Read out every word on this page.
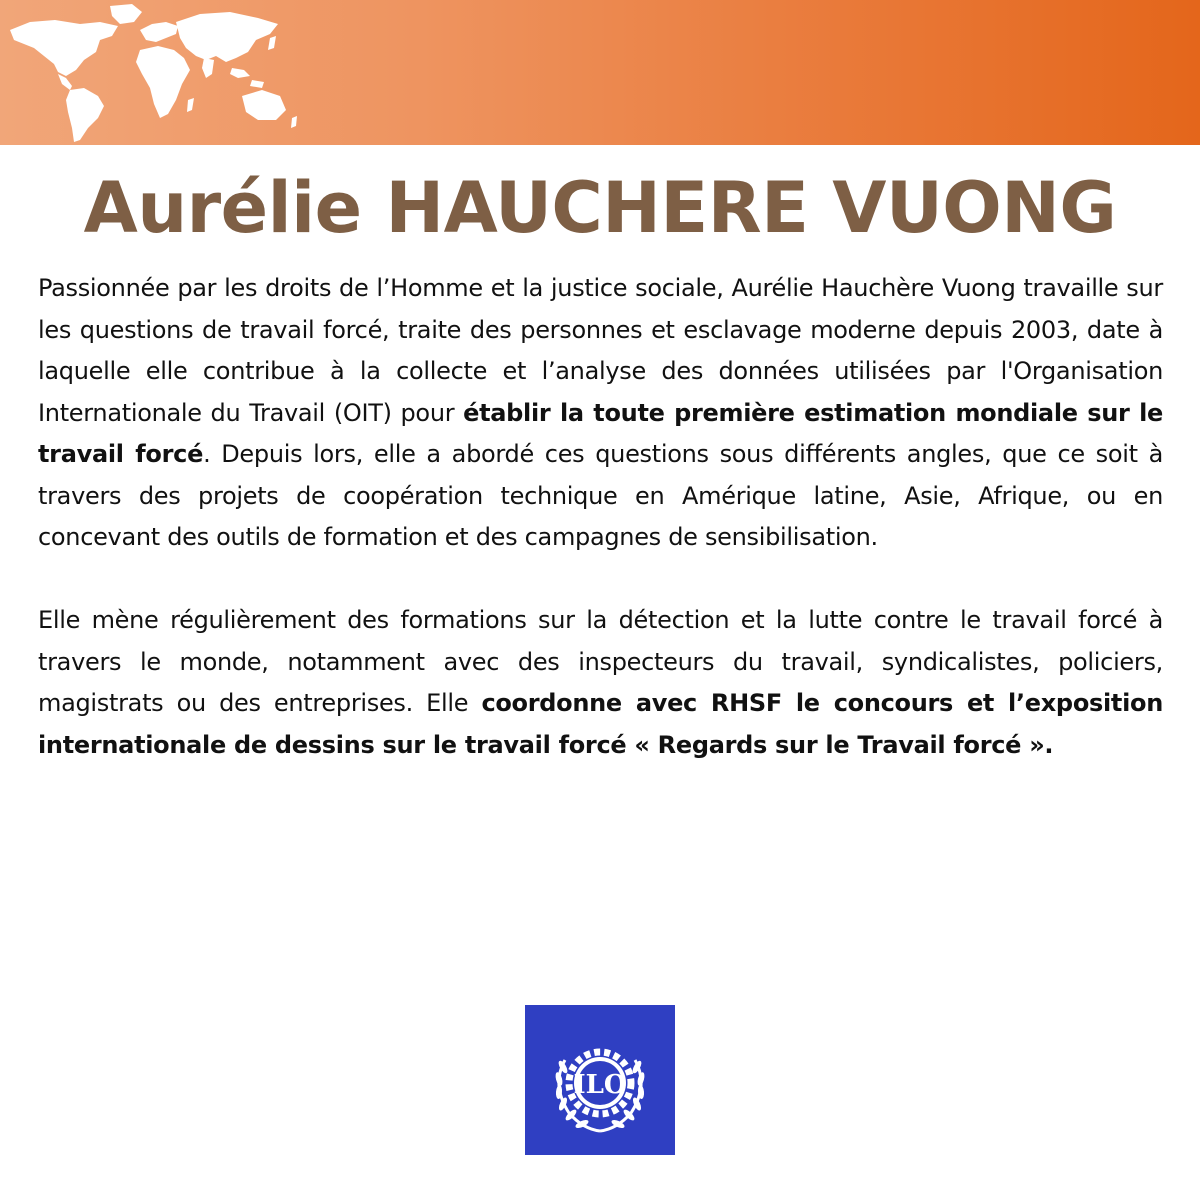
Aurélie HAUCHERE VUONG

Passionnée par les droits de l’Homme et la justice sociale, Aurélie Hauchère Vuong travaille sur les questions de travail forcé, traite des personnes et esclavage moderne depuis 2003, date à laquelle elle contribue à la collecte et l’analyse des données utilisées par l'Organisation Internationale du Travail (OIT) pour établir la toute première estimation mondiale sur le travail forcé. Depuis lors, elle a abordé ces questions sous différents angles, que ce soit à travers des projets de coopération technique en Amérique latine, Asie, Afrique, ou en concevant des outils de formation et des campagnes de sensibilisation.

Elle mène régulièrement des formations sur la détection et la lutte contre le travail forcé à travers le monde, notamment avec des inspecteurs du travail, syndicalistes, policiers, magistrats ou des entreprises. Elle coordonne avec RHSF le concours et l’exposition internationale de dessins sur le travail forcé « Regards sur le Travail forcé ».

ILO
